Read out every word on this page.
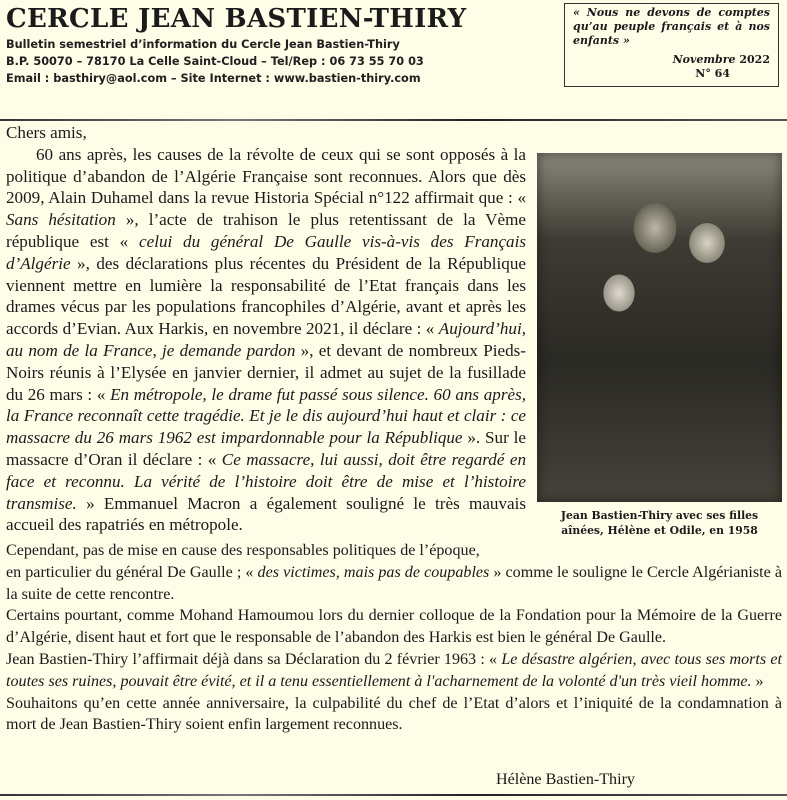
CERCLE JEAN BASTIEN-THIRY
Bulletin semestriel d’information du Cercle Jean Bastien-Thiry
B.P. 50070 – 78170 La Celle Saint-Cloud – Tel/Rep : 06 73 55 70 03
Email : basthiry@aol.com – Site Internet : www.bastien-thiry.com
« Nous ne devons de comptes qu’au peuple français et à nos enfants »
Novembre 2022
N° 64
Chers amis,
60 ans après, les causes de la révolte de ceux qui se sont opposés à la politique d’abandon de l’Algérie Française sont reconnues. Alors que dès 2009, Alain Duhamel dans la revue Historia Spécial n°122 affirmait que : « Sans hésitation », l’acte de trahison le plus retentissant de la Vème république est « celui du général De Gaulle vis-à-vis des Français d’Algérie », des déclarations plus récentes du Président de la République viennent mettre en lumière la responsabilité de l’Etat français dans les drames vécus par les populations francophiles d’Algérie, avant et après les accords d’Evian. Aux Harkis, en novembre 2021, il déclare : « Aujourd’hui, au nom de la France, je demande pardon », et devant de nombreux Pieds-Noirs réunis à l’Elysée en janvier dernier, il admet au sujet de la fusillade du 26 mars : « En métropole, le drame fut passé sous silence. 60 ans après, la France reconnaît cette tragédie. Et je le dis aujourd’hui haut et clair : ce massacre du 26 mars 1962 est impardonnable pour la République ». Sur le massacre d’Oran il déclare : « Ce massacre, lui aussi, doit être regardé en face et reconnu. La vérité de l’histoire doit être de mise et l’histoire transmise. » Emmanuel Macron a également souligné le très mauvais accueil des rapatriés en métropole.	Jean Bastien-Thiry avec ses filles
aînées, Hélène et Odile, en 1958
Cependant, pas de mise en cause des responsables politiques de l’époque,
en particulier du général De Gaulle ; « des victimes, mais pas de coupables » comme le souligne le Cercle Algérianiste à la suite de cette rencontre.
Certains pourtant, comme Mohand Hamoumou lors du dernier colloque de la Fondation pour la Mémoire de la Guerre d’Algérie, disent haut et fort que le responsable de l’abandon des Harkis est bien le général De Gaulle.
Jean Bastien-Thiry l’affirmait déjà dans sa Déclaration du 2 février 1963 : « Le désastre algérien, avec tous ses morts et toutes ses ruines, pouvait être évité, et il a tenu essentiellement à l'acharnement de la volonté d'un très vieil homme. »
Souhaitons qu’en cette année anniversaire, la culpabilité du chef de l’Etat d’alors et l’iniquité de la condamnation à mort de Jean Bastien-Thiry soient enfin largement reconnues.
Hélène Bastien-Thiry
